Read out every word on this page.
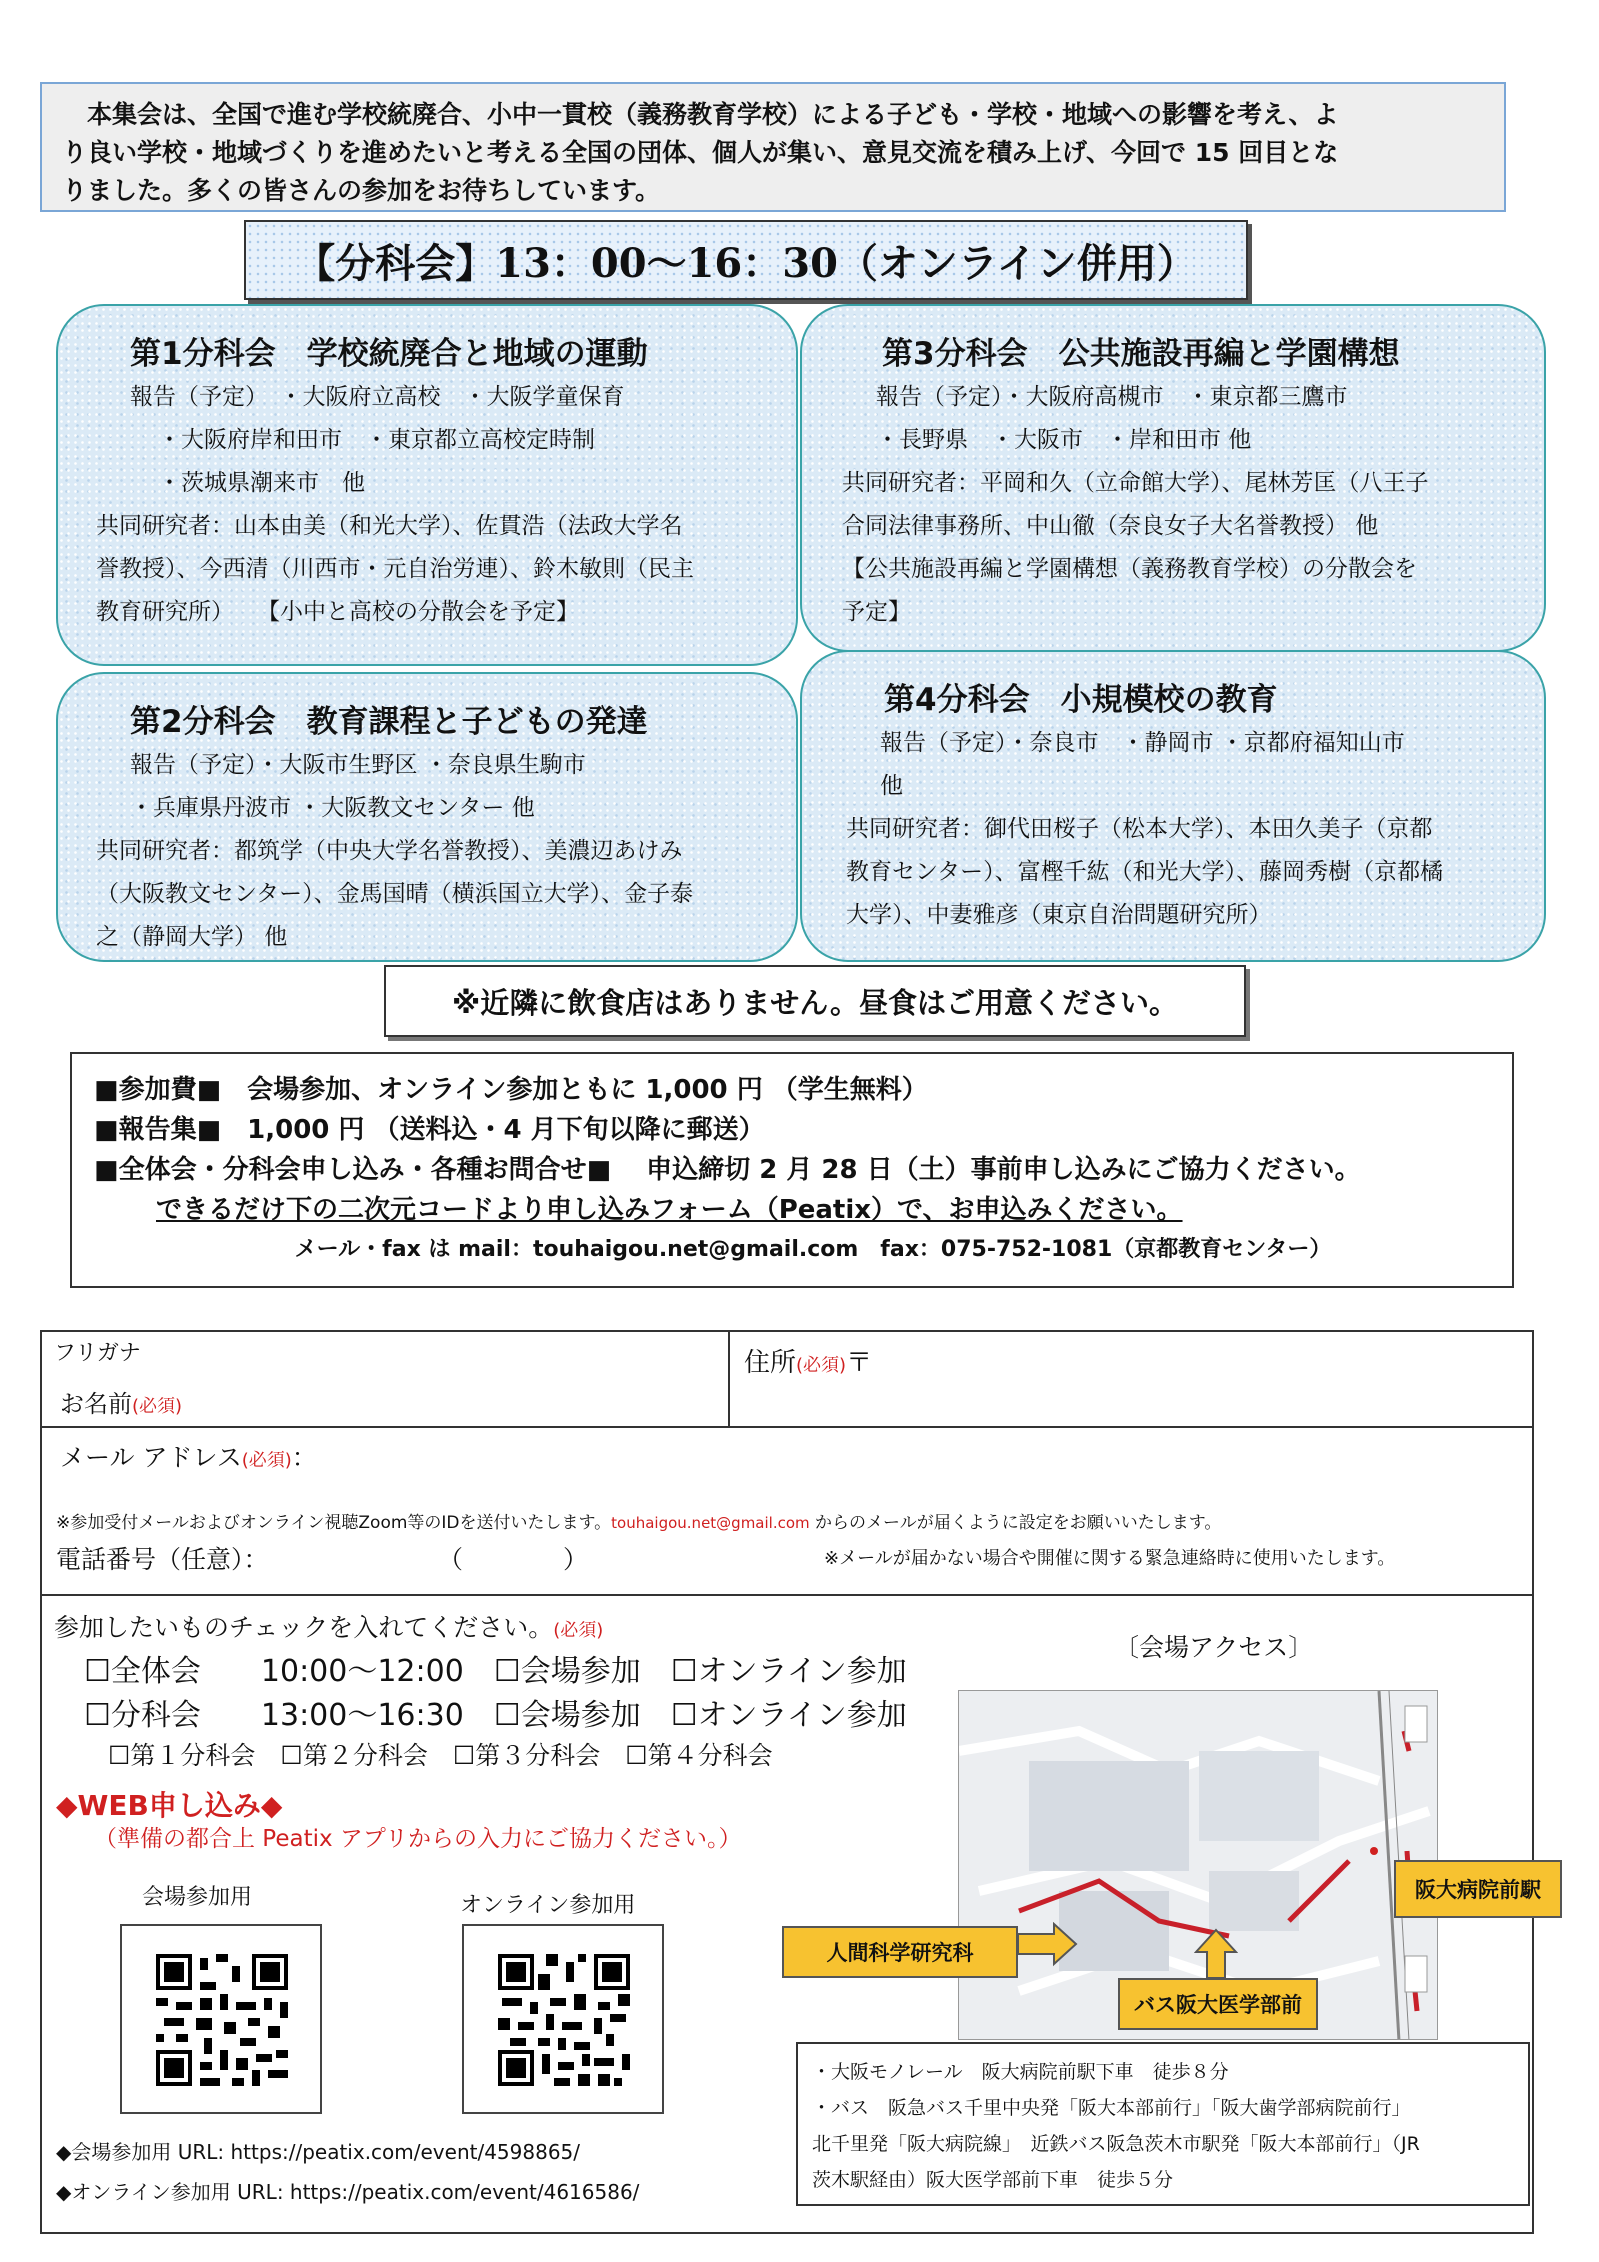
　本集会は、全国で進む学校統廃合、小中一貫校（義務教育学校）による子ども・学校・地域への影響を考え、よ
り良い学校・地域づくりを進めたいと考える全国の団体、個人が集い、意見交流を積み上げ、今回で 15 回目とな
りました。多くの皆さんの参加をお待ちしています。
【分科会】13：00～16：30（オンライン併用）
第1分科会　学校統廃合と地域の運動
報告（予定）　・大阪府立高校　・大阪学童保育
・大阪府岸和田市　・東京都立高校定時制
・茨城県潮来市　他
共同研究者：山本由美（和光大学）、佐貫浩（法政大学名
誉教授）、今西清（川西市・元自治労連）、鈴木敏則（民主
教育研究所）　　【小中と高校の分散会を予定】
第3分科会　公共施設再編と学園構想
報告（予定）・大阪府高槻市　・東京都三鷹市
・長野県　・大阪市　・岸和田市 他
共同研究者：平岡和久（立命館大学）、尾林芳匡（八王子
合同法律事務所、中山徹（奈良女子大名誉教授） 他
【公共施設再編と学園構想（義務教育学校）の分散会を
予定】
第2分科会　教育課程と子どもの発達
報告（予定）・大阪市生野区 ・奈良県生駒市
・兵庫県丹波市 ・大阪教文センター 他
共同研究者：都筑学（中央大学名誉教授）、美濃辺あけみ
（大阪教文センター）、金馬国晴（横浜国立大学）、金子泰
之（静岡大学） 他
第4分科会　小規模校の教育
報告（予定）・奈良市　・静岡市 ・京都府福知山市
他
共同研究者：御代田桜子（松本大学）、本田久美子（京都
教育センター）、富樫千紘（和光大学）、藤岡秀樹（京都橘
大学）、中妻雅彦（東京自治問題研究所）
※近隣に飲食店はありません。昼食はご用意ください。
■参加費■　会場参加、オンライン参加ともに 1,000 円 （学生無料）
■報告集■　1,000 円 （送料込・4 月下旬以降に郵送）
■全体会・分科会申し込み・各種お問合せ■　 申込締切 2 月 28 日（土）事前申し込みにご協力ください。
できるだけ下の二次元コードより申し込みフォーム（Peatix）で、お申込みください。
メール・fax は mail：touhaigou.net@gmail.com　fax：075-752-1081（京都教育センター）
フリガナ
お名前(必須)
住所(必須)〒
メール アドレス(必須)：
※参加受付メールおよびオンライン視聴Zoom等のIDを送付いたします。touhaigou.net@gmail.com からのメールが届くように設定をお願いいたします。
電話番号（任意）：	（　　　　）	※メールが届かない場合や開催に関する緊急連絡時に使用いたします。
参加したいものチェックを入れてください。(必須)
☐全体会　　10:00～12:00　☐会場参加　☐オンライン参加
☐分科会　　13:00～16:30　☐会場参加　☐オンライン参加
☐第１分科会　☐第２分科会　☐第３分科会　☐第４分科会
◆WEB申し込み◆
（準備の都合上 Peatix アプリからの入力にご協力ください。）
会場参加用	オンライン参加用
◆会場参加用 URL: https://peatix.com/event/4598865/
◆オンライン参加用 URL: https://peatix.com/event/4616586/
〔会場アクセス〕
阪大病院前駅
人間科学研究科
バス阪大医学部前
・大阪モノレール　阪大病院前駅下車　徒歩８分
・バス　阪急バス千里中央発「阪大本部前行」「阪大歯学部病院前行」
北千里発「阪大病院線」　近鉄バス阪急茨木市駅発「阪大本部前行」（JR
茨木駅経由）阪大医学部前下車　徒歩５分
